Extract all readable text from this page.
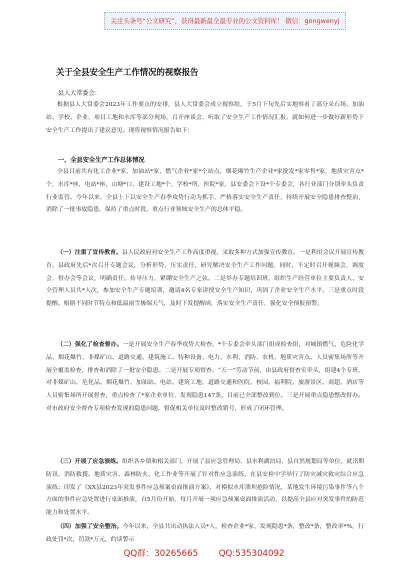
关注头条号“公文研究”，获得最新最全最专业的公文资料库！ 微信：gongwenyj
关于全县安全生产工作情况的视察报告
县人大常委会：
根据县人大常委会2023年工作要点的安排，县人大常委会成立视察组，于5月下旬先后实地察看了部分采石场、加油站、学校、企业、项目工地和水库等部分现场，召开座谈会，听取了安全生产工作情况汇报。就如何进一步做好新形势下安全生产工作提出了建议意见。现将视察情况报告如下：
一、全县安全生产工作总体情况
全县目前共有化工企业*家，加油站*家，燃气企业*家*个站点，烟花爆竹生产企业*家批发*家零售*家，地质灾害点*个，水库*座，电站*座，山塘*口，建设工地*个，学校*所，医院*家，县安委会下设*个专委会，各行业部门分别牵头负责行业监管。今年以来，全县上下以安全生产春季攻势行动为抓手，严格落实安全生产责任，持续开展安全隐患排查整治，消除了一批事故隐患，保持了重点时段、重点行业领域安全生产的总体平稳。
（一）注重了宣传教育。县人民政府对安全生产工作高度重视，采取多种方式加强宣传教育。一是利用会议开展宣传教育。县政府先后*次召开专题会议，分析形势，压实责任，研究解决安全生产工作问题。同时，不定时召开视频会，调度会，督办会等会议，明确责任，传导压力，紧绷安全生产之弦。二是举办专题培训班，组织生产经营单位主要负责人、安全管理人员共*人次，参加安全生产专题培训，邀请4名专家讲授安全生产知识，巩固了企业安全生产水平。三是重点时段提醒。根据不同时节特点和低温雨雪极端天气，及时下发提醒函，落实安全生产责任，强化安全预报预警。
（二）强化了检查督办。一是开展安全生产春季攻势大检查。*个专委会牵头部门组成检查组，对城镇燃气、危险化学品、烟花爆竹、非煤矿山、道路交通、建筑施工、特种设备、电力、水利、消防、农机、地质灾害点、人员密集场所等开展全覆盖检查，排查和消除了一批安全隐患。二是开展专项督查。“五一”劳动节前，由县政府督查室牵头，组建4个专班，对非煤矿山、危化品、烟花爆竹、加油站、电站、建筑工地、道路交通和医院、校园、福利院、旅游景区、商超、酒店等人员密集场所开展督查，重点检查了*家企业单位，发现隐患147条，目前已全部整改到位。三是开展重点隐患整改督办。对市政府安全督查专项检查发现的隐患问题，督促相关单位及时整改销号，形成了闭环管理。
（三）开展了应急演练。组织各乡镇和相关部门，开展了县应急管理局、县水利湖泊局、县自然规划局等单位，就汛期防讯、消防救援、地质灾害、森林防火、化工作业等开展了针对性应急演练，在县安检中学举行了防灾减灾救灾综合应急演练；印发了《XX县2023年突发事件应急预案桌面推演方案》，对模拟水库溃坝抢险情况，某地发生环境污染事件等八个方面的事件应急处置进行桌面推演，自5月份开始，每月开展一项应急预案桌面推演活动，以提高全县应对突发事件的防范能力和处置水平。
（四）加强了安全整治。今年以来，全县共出动执法人员*人，检查企业*家，发现隐患*条，整改*条，整改率*%，行政处罚*次，罚款*万元，约谈警示
QQ群：30265665 QQ:535304092
